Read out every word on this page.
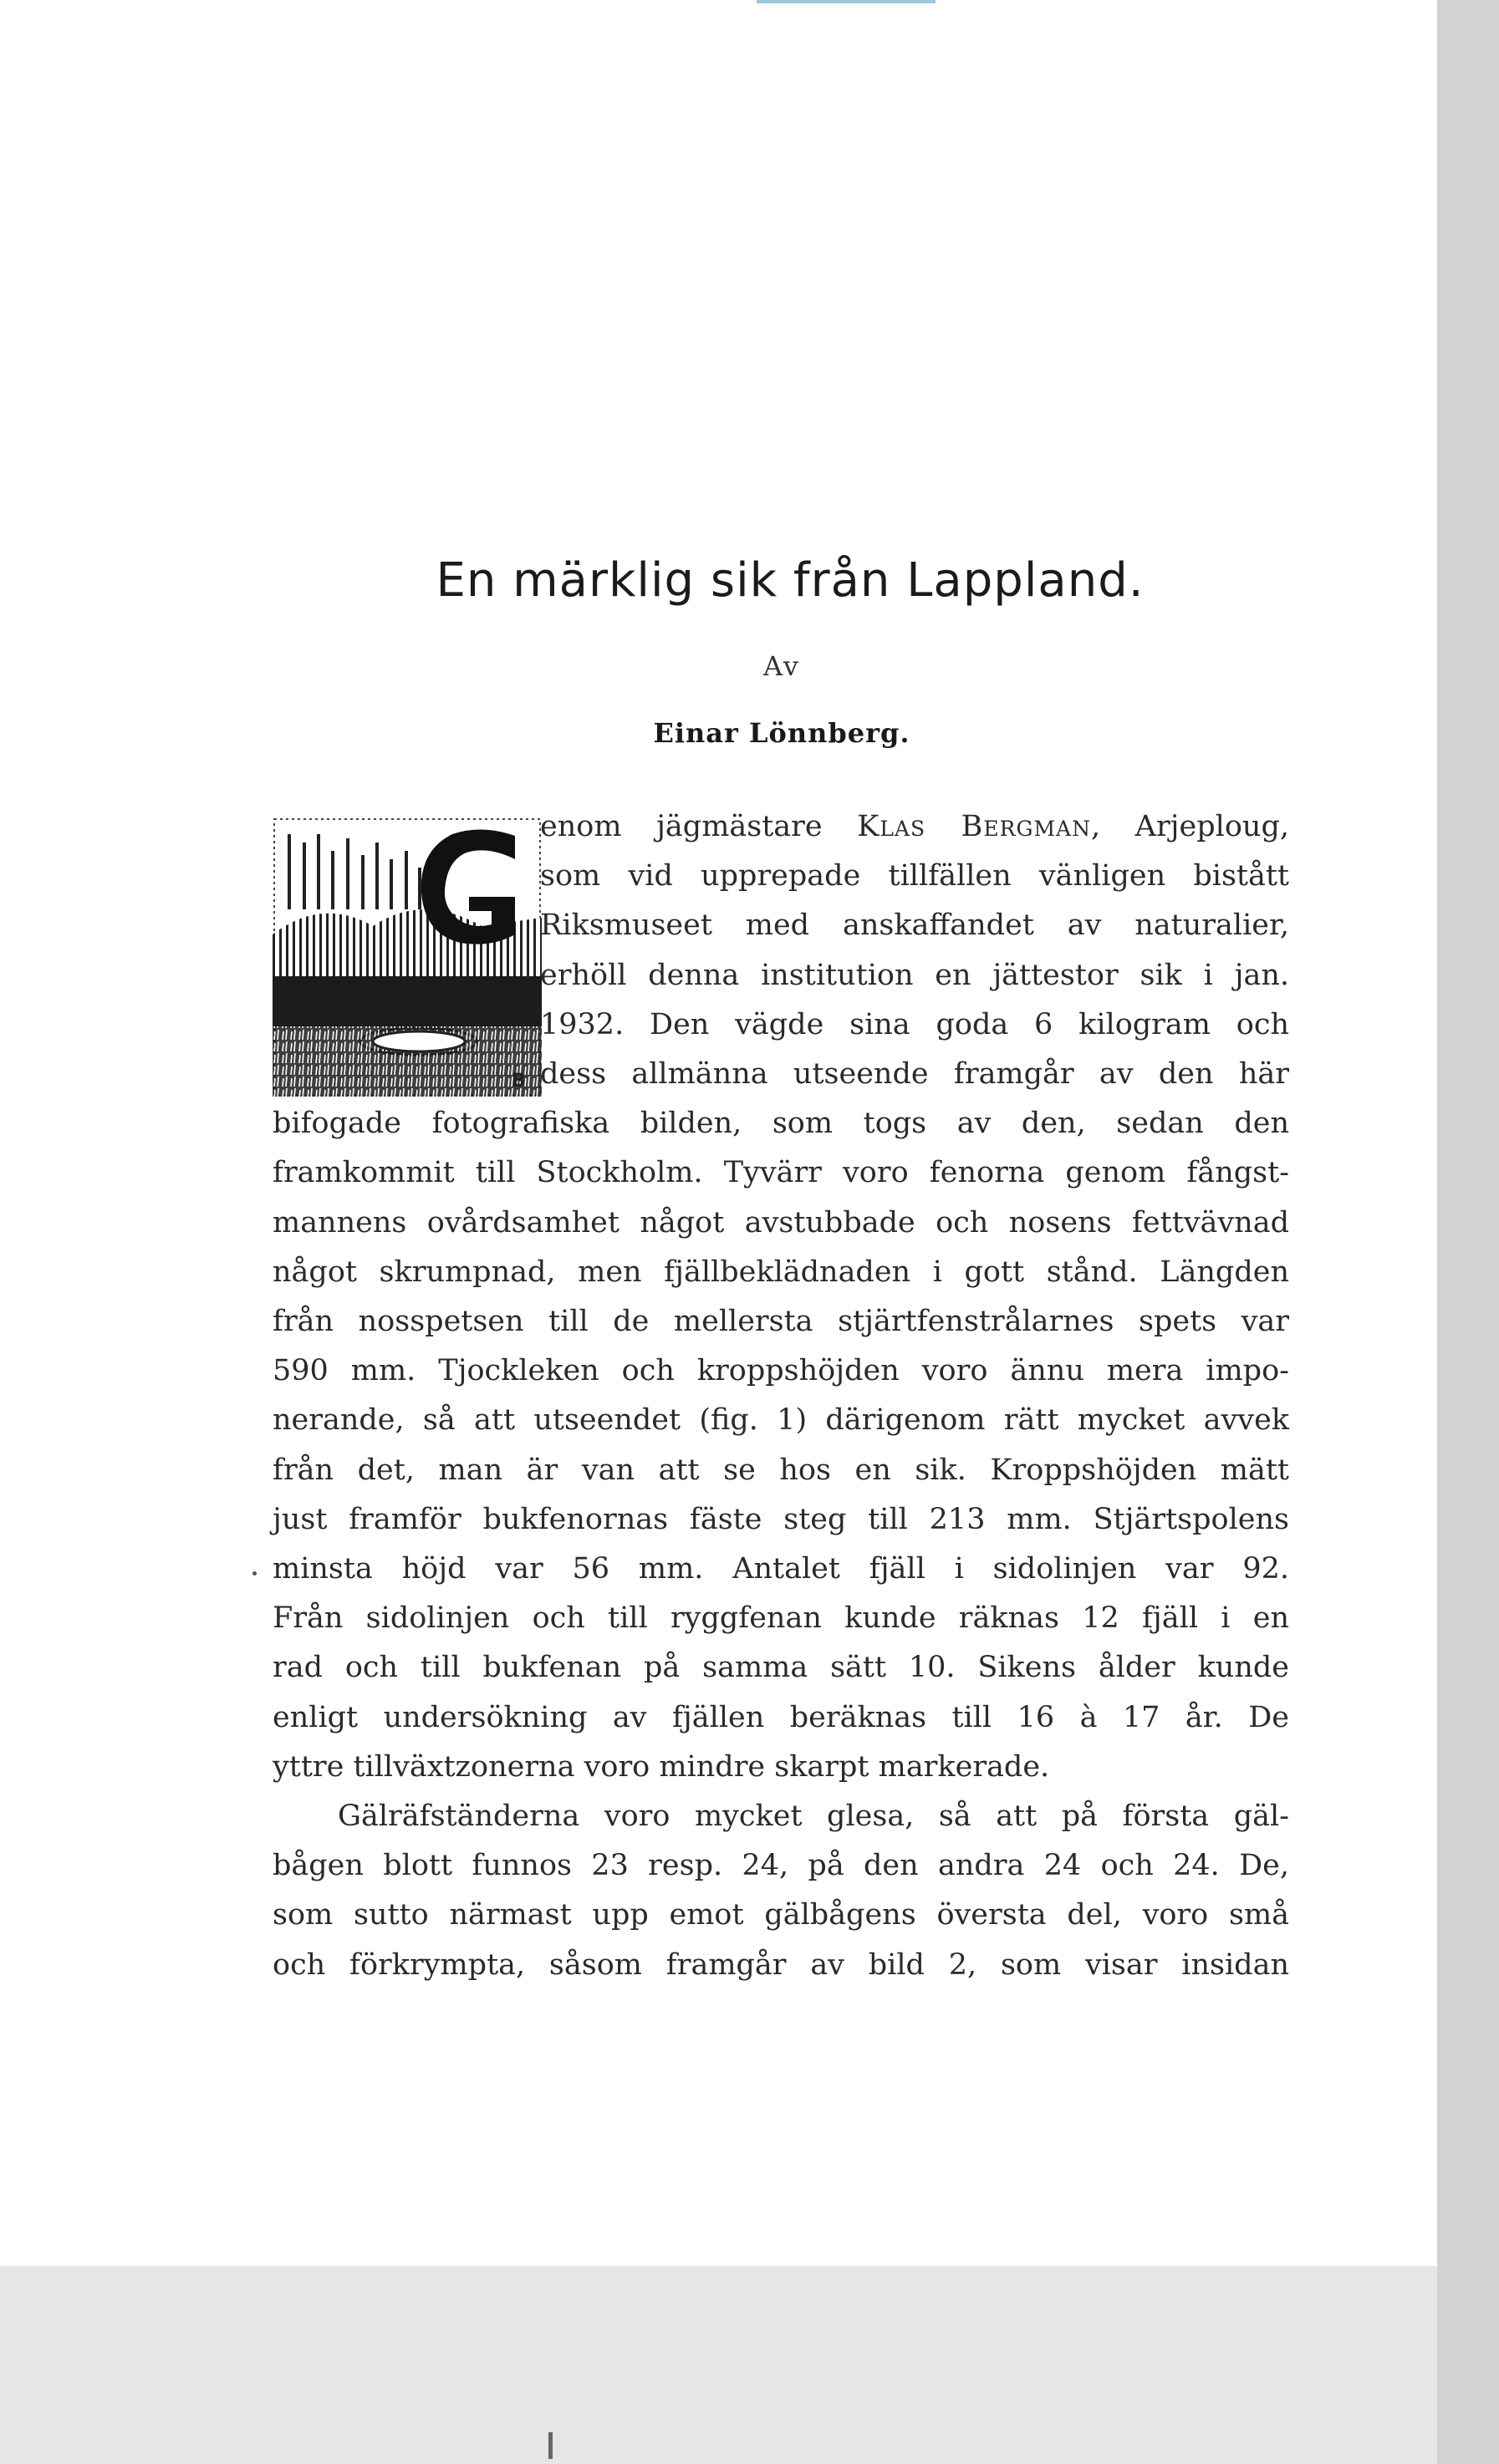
En märklig sik från Lappland.
Av
Einar Lönnberg.
B
enom jägmästare Klas Bergman, Arjeploug,
som vid upprepade tillfällen vänligen bistått
Riksmuseet med anskaffandet av naturalier,
erhöll denna institution en jättestor sik i jan.
1932. Den vägde sina goda 6 kilogram och
dess allmänna utseende framgår av den här
bifogade fotografiska bilden, som togs av den, sedan den
framkommit till Stockholm. Tyvärr voro fenorna genom fångst-
mannens ovårdsamhet något avstubbade och nosens fettvävnad
något skrumpnad, men fjällbeklädnaden i gott stånd. Längden
från nosspetsen till de mellersta stjärtfenstrålarnes spets var
590 mm. Tjockleken och kroppshöjden voro ännu mera impo-
nerande, så att utseendet (fig. 1) därigenom rätt mycket avvek
från det, man är van att se hos en sik. Kroppshöjden mätt
just framför bukfenornas fäste steg till 213 mm. Stjärtspolens
minsta höjd var 56 mm. Antalet fjäll i sidolinjen var 92.
Från sidolinjen och till ryggfenan kunde räknas 12 fjäll i en
rad och till bukfenan på samma sätt 10. Sikens ålder kunde
enligt undersökning av fjällen beräknas till 16 à 17 år. De
yttre tillväxtzonerna voro mindre skarpt markerade.
Gälräfständerna voro mycket glesa, så att på första gäl-
bågen blott funnos 23 resp. 24, på den andra 24 och 24. De,
som sutto närmast upp emot gälbågens översta del, voro små
och förkrympta, såsom framgår av bild 2, som visar insidan
